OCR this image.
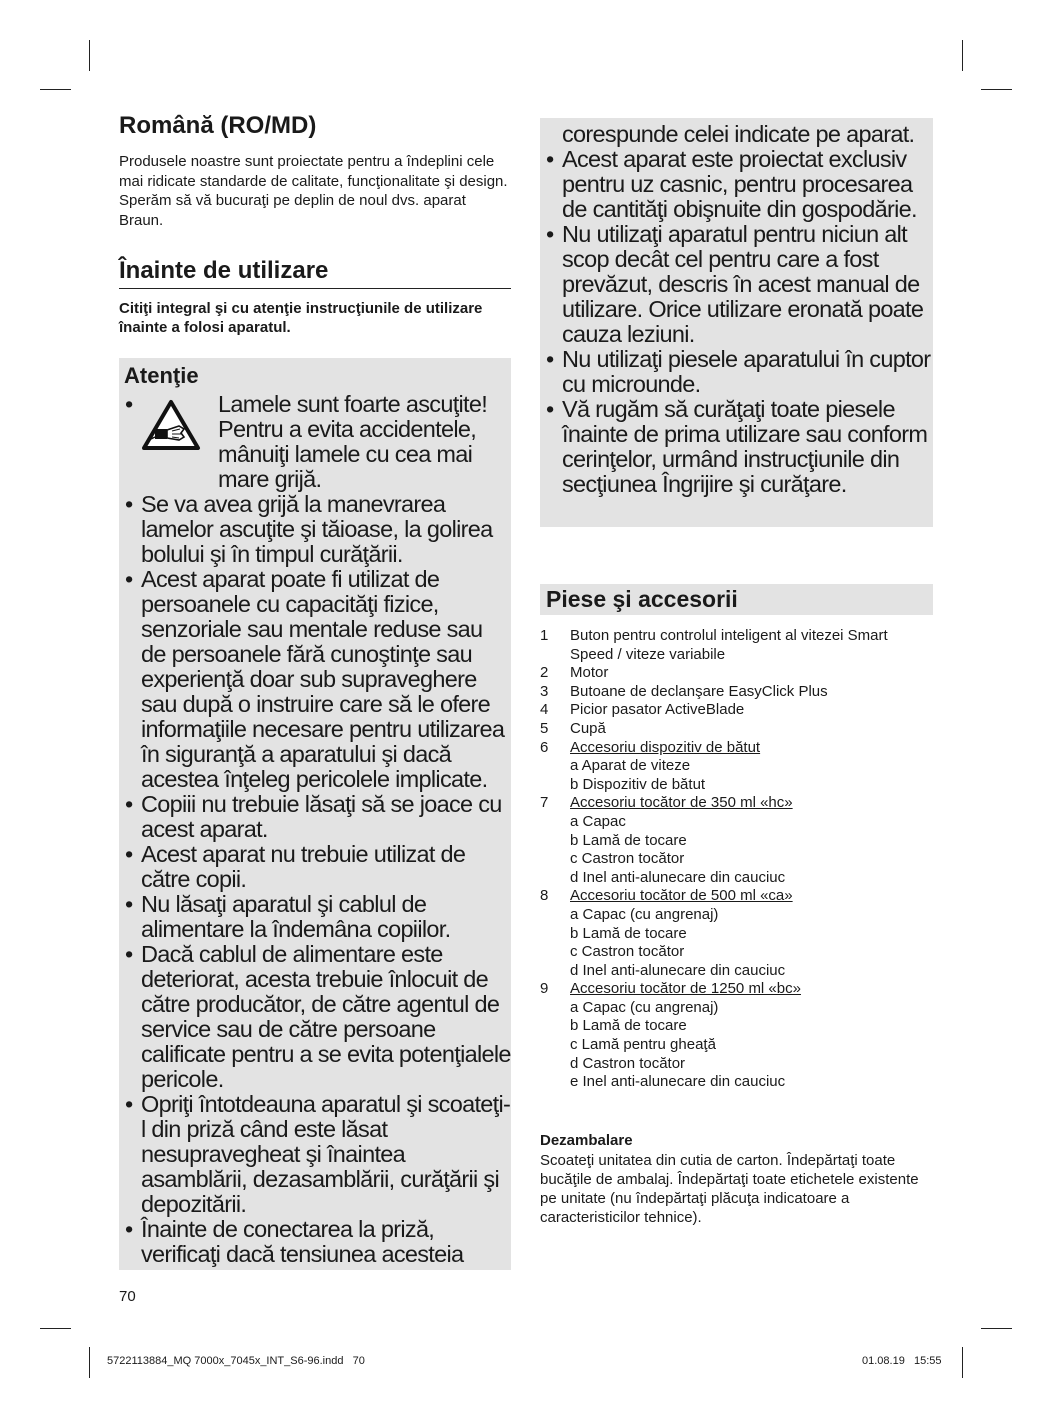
Română (RO/MD)

Produsele noastre sunt proiectate pentru a îndeplini cele mai ridicate standarde de calitate, funcţionalitate şi design. Sperăm să vă bucuraţi pe deplin de noul dvs. aparat Braun.

Înainte de utilizare

Citiţi integral şi cu atenţie instrucţiunile de utilizare înainte a folosi aparatul.

Atenţie
•	Lamele sunt foarte ascuţite! Pentru a evita accidentele, mânuiţi lamele cu cea mai mare grijă.
• Se va avea grijă la manevrarea lamelor ascuţite şi tăioase, la golirea bolului şi în timpul curăţării.
• Acest aparat poate fi utilizat de persoanele cu capacităţi fizice, senzoriale sau mentale reduse sau de persoanele fără cunoştinţe sau experienţă doar sub supraveghere sau după o instruire care să le ofere informaţiile necesare pentru utilizarea în siguranţă a aparatului şi dacă acestea înţeleg pericolele implicate.
• Copiii nu trebuie lăsaţi să se joace cu acest aparat.
• Acest aparat nu trebuie utilizat de către copii.
• Nu lăsaţi aparatul şi cablul de alimentare la îndemâna copiilor.
• Dacă cablul de alimentare este deteriorat, acesta trebuie înlocuit de către producător, de către agentul de service sau de către persoane calificate pentru a se evita potenţialele pericole.
• Opriţi întotdeauna aparatul şi scoateţi-l din priză când este lăsat nesupravegheat şi înaintea asamblării, dezasamblării, curăţării şi depozitării.
• Înainte de conectarea la priză, verificaţi dacă tensiunea acesteia
corespunde celei indicate pe aparat.
• Acest aparat este proiectat exclusiv pentru uz casnic, pentru procesarea de cantităţi obişnuite din gospodărie.
• Nu utilizaţi aparatul pentru niciun alt scop decât cel pentru care a fost prevăzut, descris în acest manual de utilizare. Orice utilizare eronată poate cauza leziuni.
• Nu utilizaţi piesele aparatului în cuptor cu microunde.
• Vă rugăm să curăţaţi toate piesele înainte de prima utilizare sau conform cerinţelor, urmând instrucţiunile din secţiunea Îngrijire şi curăţare.
Piese şi accesorii
1	Buton pentru controlul inteligent al vitezei Smart
Speed / viteze variabile
2	Motor
3	Butoane de declanşare EasyClick Plus
4	Picior pasator ActiveBlade
5	Cupă
6	Accesoriu dispozitiv de bătut
a Aparat de viteze
b Dispozitiv de bătut
7	Accesoriu tocător de 350 ml «hc»
a Capac
b Lamă de tocare
c Castron tocător
d Inel anti-alunecare din cauciuc
8	Accesoriu tocător de 500 ml «ca»
a Capac (cu angrenaj)
b Lamă de tocare
c Castron tocător
d Inel anti-alunecare din cauciuc
9	Accesoriu tocător de 1250 ml «bc»
a Capac (cu angrenaj)
b Lamă de tocare
c Lamă pentru gheaţă
d Castron tocător
e Inel anti-alunecare din cauciuc

Dezambalare

Scoateţi unitatea din cutia de carton. Îndepărtaţi toate bucăţile de ambalaj. Îndepărtaţi toate etichetele existente pe unitate (nu îndepărtaţi plăcuţa indicatoare a caracteristicilor tehnice).

70
5722113884_MQ 7000x_7045x_INT_S6-96.indd   70	01.08.19   15:55
